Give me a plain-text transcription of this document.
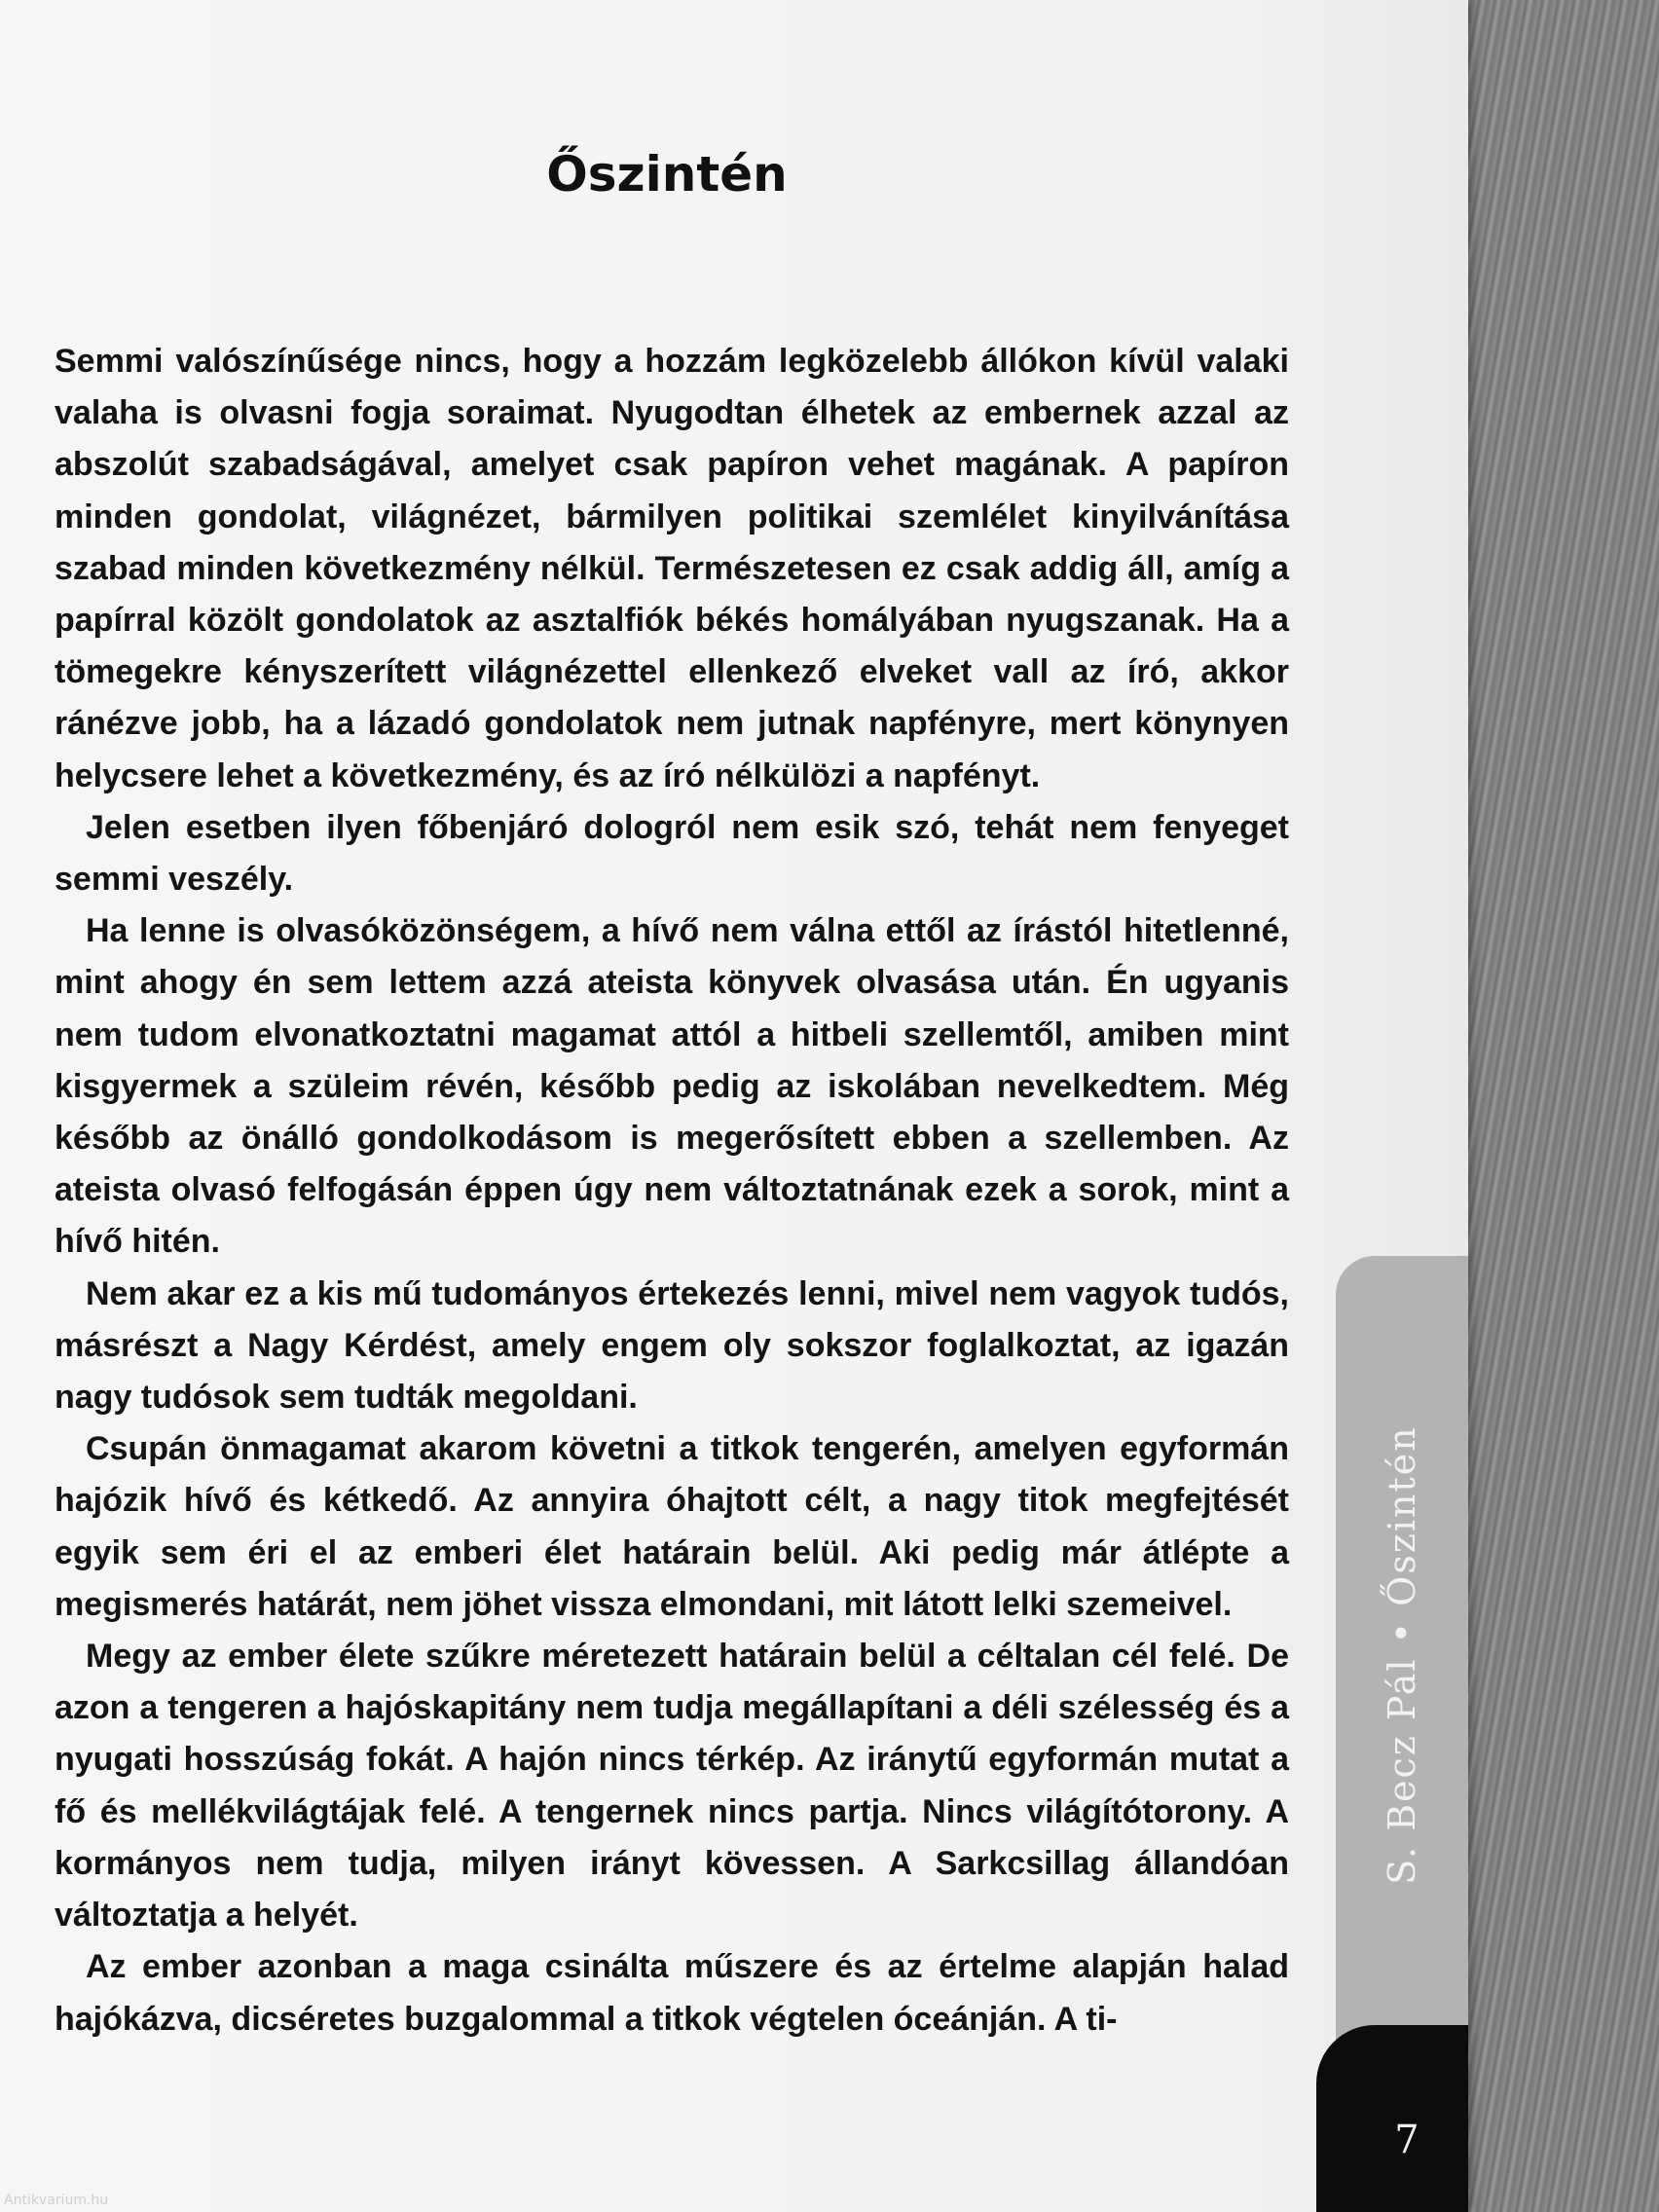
Őszintén

Semmi valószínűsége nincs, hogy a hozzám legközelebb állókon kívül valaki valaha is olvasni fogja soraimat. Nyugodtan élhetek az embernek azzal az abszolút szabadságával, amelyet csak papíron vehet magának. A papíron minden gondolat, világnézet, bármilyen politikai szemlélet kinyilvánítása szabad minden következmény nélkül. Természetesen ez csak addig áll, amíg a papírral közölt gondolatok az asztalfiók békés homályában nyugszanak. Ha a tömegekre kényszerített világnézettel ellenkező elveket vall az író, akkor ránézve jobb, ha a lázadó gondolatok nem jutnak napfényre, mert könynyen helycsere lehet a következmény, és az író nélkülözi a napfényt.

Jelen esetben ilyen főbenjáró dologról nem esik szó, tehát nem fenyeget semmi veszély.

Ha lenne is olvasóközönségem, a hívő nem válna ettől az írástól hitetlenné, mint ahogy én sem lettem azzá ateista könyvek olvasása után. Én ugyanis nem tudom elvonatkoztatni magamat attól a hitbeli szellemtől, amiben mint kisgyermek a szüleim révén, később pedig az iskolában nevelkedtem. Még később az önálló gondolkodásom is megerősített ebben a szellemben. Az ateista olvasó felfogásán éppen úgy nem változtatnának ezek a sorok, mint a hívő hitén.

Nem akar ez a kis mű tudományos értekezés lenni, mivel nem vagyok tudós, másrészt a Nagy Kérdést, amely engem oly sokszor foglalkoztat, az igazán nagy tudósok sem tudták megoldani.

Csupán önmagamat akarom követni a titkok tengerén, amelyen egyformán hajózik hívő és kétkedő. Az annyira óhajtott célt, a nagy titok megfejtését egyik sem éri el az emberi élet határain belül. Aki pedig már átlépte a megismerés határát, nem jöhet vissza elmondani, mit látott lelki szemeivel.

Megy az ember élete szűkre méretezett határain belül a céltalan cél felé. De azon a tengeren a hajóskapitány nem tudja megállapítani a déli szélesség és a nyugati hosszúság fokát. A hajón nincs térkép. Az iránytű egyformán mutat a fő és mellékvilágtájak felé. A tengernek nincs partja. Nincs világítótorony. A kormányos nem tudja, milyen irányt kövessen. A Sarkcsillag állandóan változtatja a helyét.

Az ember azonban a maga csinálta műszere és az értelme alapján halad hajókázva, dicséretes buzgalommal a titkok végtelen óceánján. A ti-

S. Becz Pál • Őszintén
7
Antikvarium.hu
